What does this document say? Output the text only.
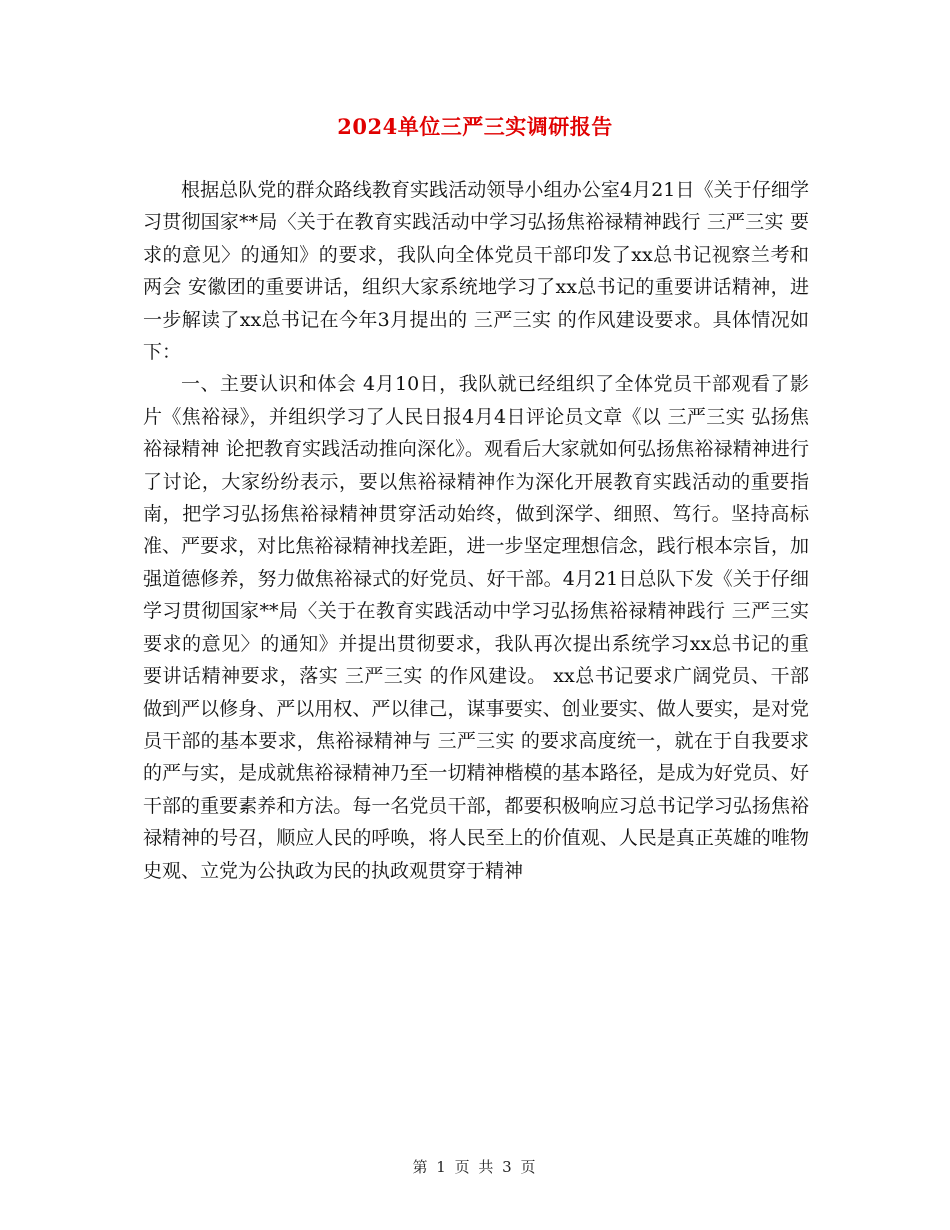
2024单位三严三实调研报告

根据总队党的群众路线教育实践活动领导小组办公室4月21日《关于仔细学习贯彻国家**局〈关于在教育实践活动中学习弘扬焦裕禄精神践行 三严三实 要求的意见〉的通知》的要求，我队向全体党员干部印发了xx总书记视察兰考和 两会 安徽团的重要讲话，组织大家系统地学习了xx总书记的重要讲话精神，进一步解读了xx总书记在今年3月提出的 三严三实 的作风建设要求。具体情况如下：

一、主要认识和体会 4月10日，我队就已经组织了全体党员干部观看了影片《焦裕禄》，并组织学习了人民日报4月4日评论员文章《以 三严三实 弘扬焦裕禄精神 论把教育实践活动推向深化》。观看后大家就如何弘扬焦裕禄精神进行了讨论，大家纷纷表示，要以焦裕禄精神作为深化开展教育实践活动的重要指南，把学习弘扬焦裕禄精神贯穿活动始终，做到深学、细照、笃行。坚持高标准、严要求，对比焦裕禄精神找差距，进一步坚定理想信念，践行根本宗旨，加强道德修养，努力做焦裕禄式的好党员、好干部。4月21日总队下发《关于仔细学习贯彻国家**局〈关于在教育实践活动中学习弘扬焦裕禄精神践行 三严三实 要求的意见〉的通知》并提出贯彻要求，我队再次提出系统学习xx总书记的重要讲话精神要求，落实 三严三实 的作风建设。 xx总书记要求广阔党员、干部做到严以修身、严以用权、严以律己，谋事要实、创业要实、做人要实，是对党员干部的基本要求，焦裕禄精神与 三严三实 的要求高度统一，就在于自我要求的严与实，是成就焦裕禄精神乃至一切精神楷模的基本路径，是成为好党员、好干部的重要素养和方法。每一名党员干部，都要积极响应习总书记学习弘扬焦裕禄精神的号召，顺应人民的呼唤，将人民至上的价值观、人民是真正英雄的唯物史观、立党为公执政为民的执政观贯穿于精神

第 1 页 共 3 页
